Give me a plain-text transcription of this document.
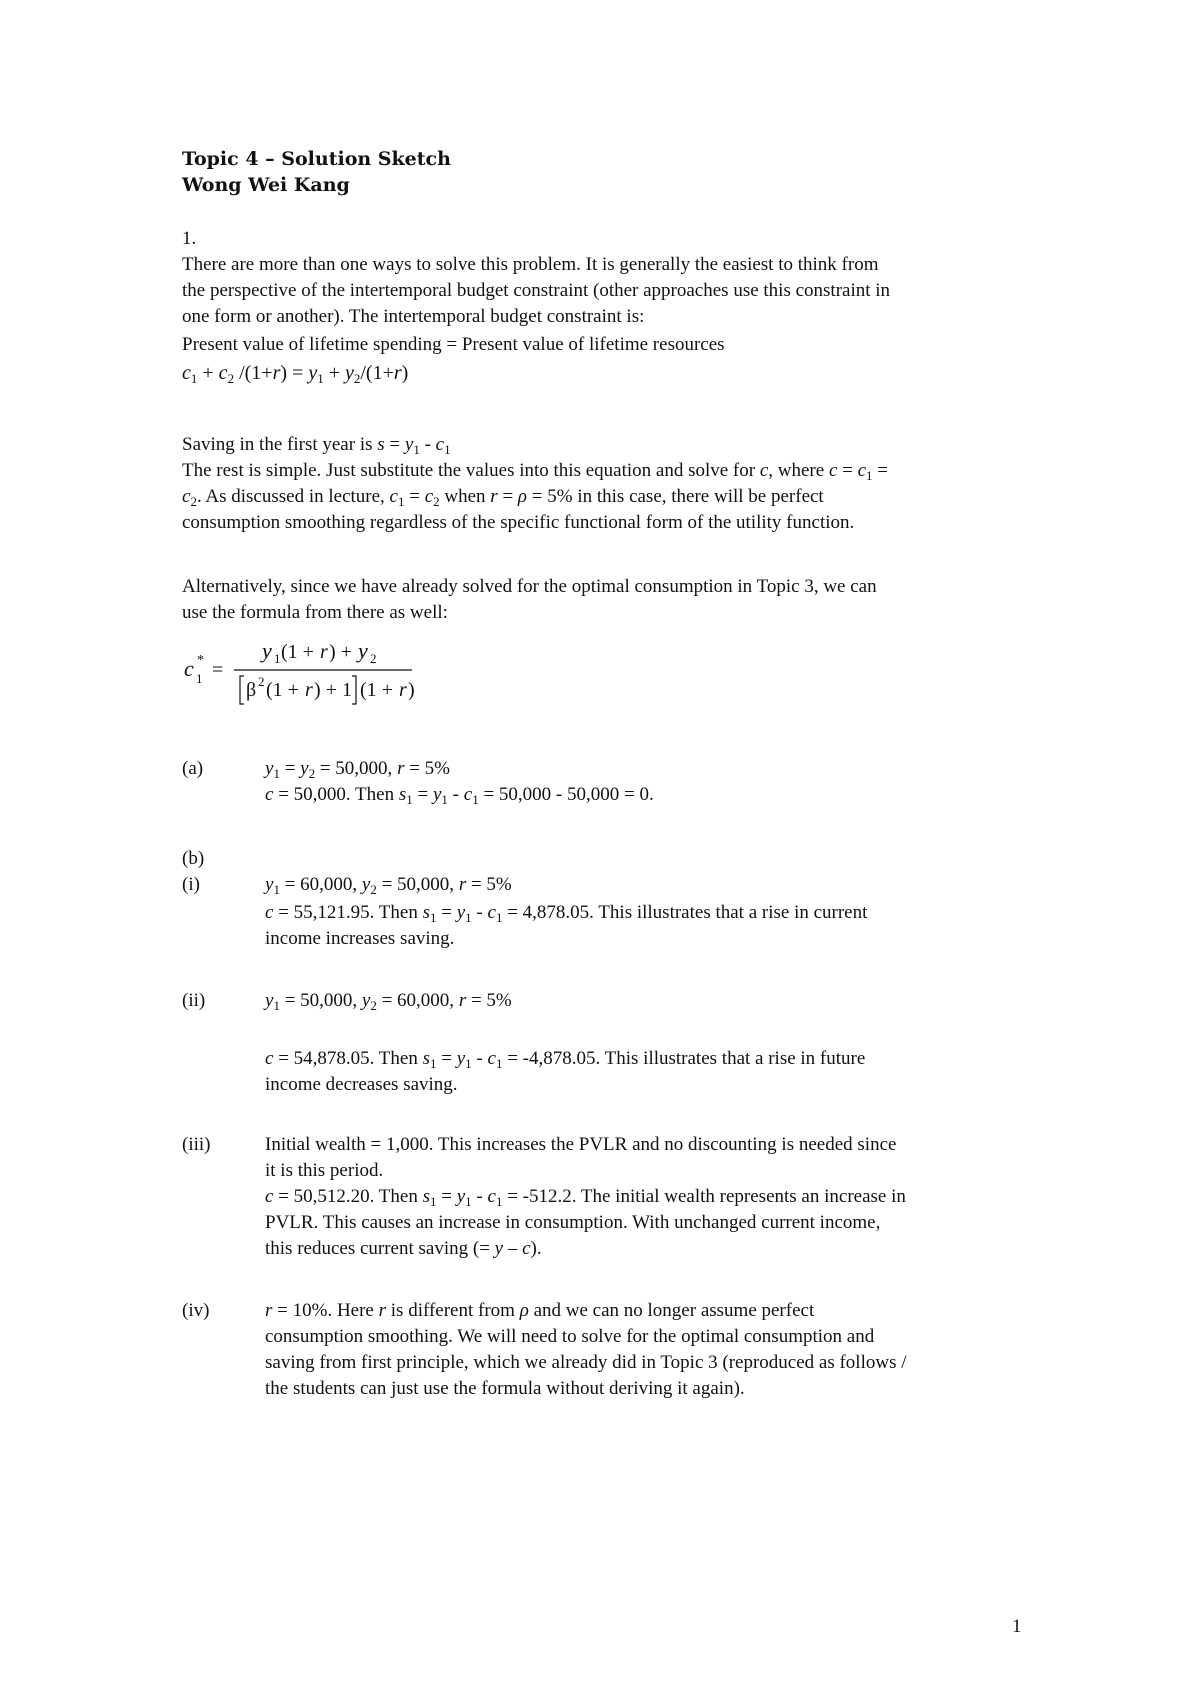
Topic 4 – Solution Sketch
Wong Wei Kang
1.
There are more than one ways to solve this problem. It is generally the easiest to think from
the perspective of the intertemporal budget constraint (other approaches use this constraint in
one form or another). The intertemporal budget constraint is:
Present value of lifetime spending = Present value of lifetime resources
$c_1 + c_2$ $/(1+r) = y_1 + y_2/(1+r)$
Saving in the first year is $s = y_1 - c_1$
The rest is simple. Just substitute the values into this equation and solve for c, where $c = c_1$ =
$c_2$. As discussed in lecture, $c_1 = c_2$ when r = ρ = 5% in this case, there will be perfect
consumption smoothing regardless of the specific functional form of the utility function.
Alternatively, since we have already solved for the optimal consumption in Topic 3, we can
use the formula from there as well:
c 1
* =
y 1 (1 + r ) + y 2
β 2 (1 + r ) + 1 (1 + r )
(a)	$y_1 = y_2 = 50,000$, r = 5%
c = 50,000. Then $s_1 = y_1 - c_1 = 50,000 - 50,000 = 0$.
(b)
(i)	$y_1 = 60,000$, $y_2 = 50,000$, r = 5%
c = 55,121.95. Then $s_1 = y_1 - c_1 = 4,878.05$. This illustrates that a rise in current
income increases saving.
(ii)	$y_1 = 50,000$, $y_2 = 60,000$, r = 5%
c = 54,878.05. Then $s_1 = y_1 - c_1 = -4,878.05$. This illustrates that a rise in future
income decreases saving.
(iii)	Initial wealth = 1,000. This increases the PVLR and no discounting is needed since
it is this period.
c = 50,512.20. Then $s_1 = y_1 - c_1 = -512.2$. The initial wealth represents an increase in
PVLR. This causes an increase in consumption. With unchanged current income,
this reduces current saving (= y – c).
(iv)	r = 10%. Here r is different from ρ and we can no longer assume perfect
consumption smoothing. We will need to solve for the optimal consumption and
saving from first principle, which we already did in Topic 3 (reproduced as follows /
the students can just use the formula without deriving it again).
1
